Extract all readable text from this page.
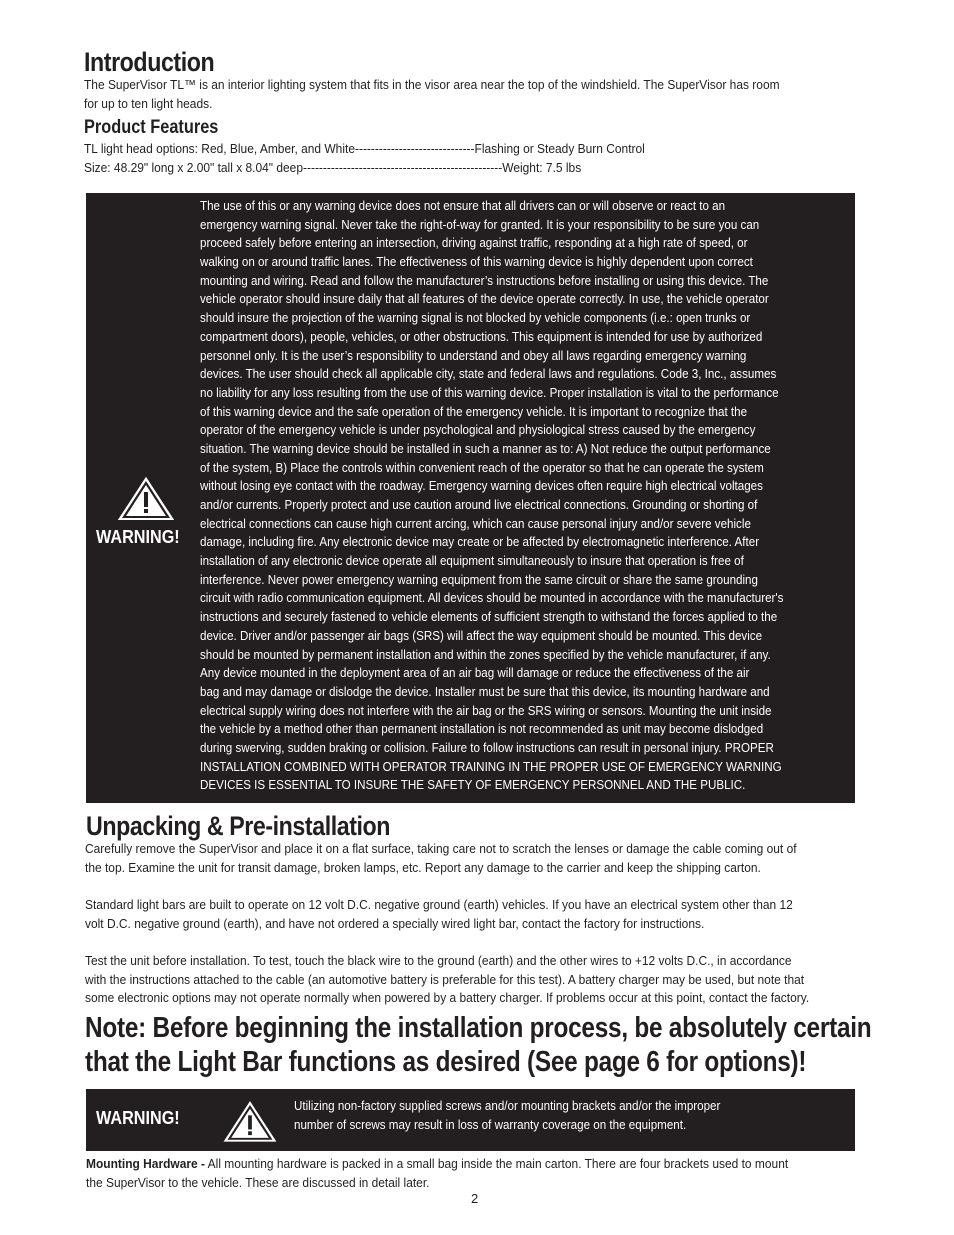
Introduction

The SuperVisor TL™ is an interior lighting system that fits in the visor area near the top of the windshield. The SuperVisor has room
for up to ten light heads.

Product Features

TL light head options: Red, Blue, Amber, and White------------------------------Flashing or Steady Burn Control
Size: 48.29" long x 2.00" tall x 8.04" deep--------------------------------------------------Weight: 7.5 lbs

WARNING!
The use of this or any warning device does not ensure that all drivers can or will observe or react to an
emergency warning signal. Never take the right-of-way for granted. It is your responsibility to be sure you can
proceed safely before entering an intersection, driving against traffic, responding at a high rate of speed, or
walking on or around traffic lanes. The effectiveness of this warning device is highly dependent upon correct
mounting and wiring. Read and follow the manufacturer’s instructions before installing or using this device. The
vehicle operator should insure daily that all features of the device operate correctly. In use, the vehicle operator
should insure the projection of the warning signal is not blocked by vehicle components (i.e.: open trunks or
compartment doors), people, vehicles, or other obstructions. This equipment is intended for use by authorized
personnel only. It is the user’s responsibility to understand and obey all laws regarding emergency warning
devices. The user should check all applicable city, state and federal laws and regulations. Code 3, Inc., assumes
no liability for any loss resulting from the use of this warning device. Proper installation is vital to the performance
of this warning device and the safe operation of the emergency vehicle. It is important to recognize that the
operator of the emergency vehicle is under psychological and physiological stress caused by the emergency
situation. The warning device should be installed in such a manner as to: A) Not reduce the output performance
of the system, B) Place the controls within convenient reach of the operator so that he can operate the system
without losing eye contact with the roadway. Emergency warning devices often require high electrical voltages
and/or currents. Properly protect and use caution around live electrical connections. Grounding or shorting of
electrical connections can cause high current arcing, which can cause personal injury and/or severe vehicle
damage, including fire. Any electronic device may create or be affected by electromagnetic interference. After
installation of any electronic device operate all equipment simultaneously to insure that operation is free of
interference. Never power emergency warning equipment from the same circuit or share the same grounding
circuit with radio communication equipment. All devices should be mounted in accordance with the manufacturer's
instructions and securely fastened to vehicle elements of sufficient strength to withstand the forces applied to the
device. Driver and/or passenger air bags (SRS) will affect the way equipment should be mounted. This device
should be mounted by permanent installation and within the zones specified by the vehicle manufacturer, if any.
Any device mounted in the deployment area of an air bag will damage or reduce the effectiveness of the air
bag and may damage or dislodge the device. Installer must be sure that this device, its mounting hardware and
electrical supply wiring does not interfere with the air bag or the SRS wiring or sensors. Mounting the unit inside
the vehicle by a method other than permanent installation is not recommended as unit may become dislodged
during swerving, sudden braking or collision. Failure to follow instructions can result in personal injury. PROPER
INSTALLATION COMBINED WITH OPERATOR TRAINING IN THE PROPER USE OF EMERGENCY WARNING
DEVICES IS ESSENTIAL TO INSURE THE SAFETY OF EMERGENCY PERSONNEL AND THE PUBLIC.
Unpacking & Pre-installation

Carefully remove the SuperVisor and place it on a flat surface, taking care not to scratch the lenses or damage the cable coming out of
the top. Examine the unit for transit damage, broken lamps, etc. Report any damage to the carrier and keep the shipping carton.

Standard light bars are built to operate on 12 volt D.C. negative ground (earth) vehicles. If you have an electrical system other than 12
volt D.C. negative ground (earth), and have not ordered a specially wired light bar, contact the factory for instructions.

Test the unit before installation. To test, touch the black wire to the ground (earth) and the other wires to +12 volts D.C., in accordance
with the instructions attached to the cable (an automotive battery is preferable for this test). A battery charger may be used, but note that
some electronic options may not operate normally when powered by a battery charger. If problems occur at this point, contact the factory.

Note: Before beginning the installation process, be absolutely certain
that the Light Bar functions as desired (See page 6 for options)!

WARNING!
Utilizing non-factory supplied screws and/or mounting brackets and/or the improper
number of screws may result in loss of warranty coverage on the equipment.

Mounting Hardware - All mounting hardware is packed in a small bag inside the main carton. There are four brackets used to mount
the SuperVisor to the vehicle. These are discussed in detail later.

2
